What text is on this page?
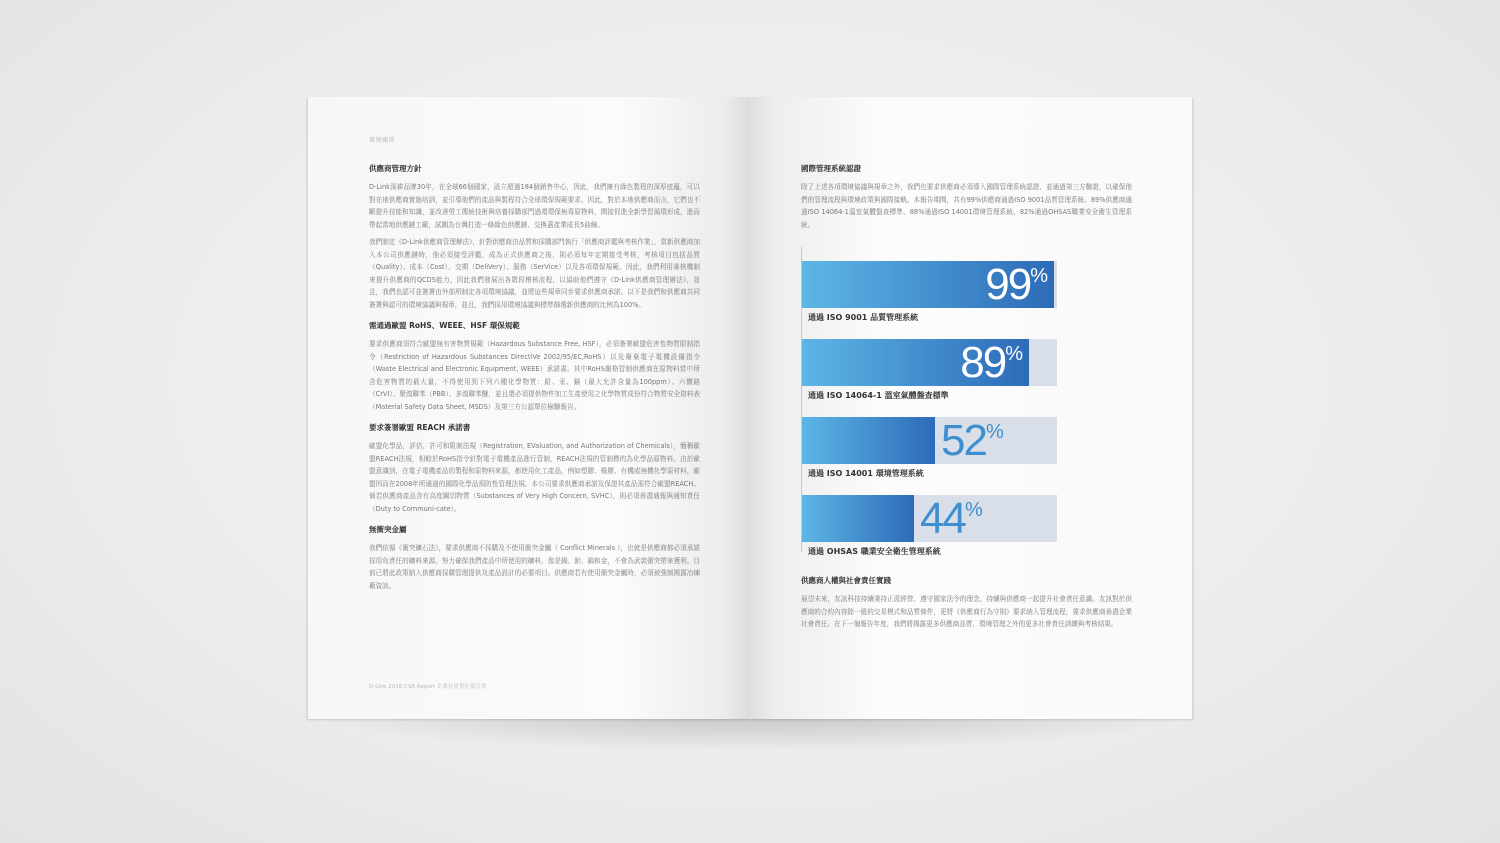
環境關係
供應商管理方針

D-Link深耕品牌30年，在全球66個國家，設立超過184個銷售中心，因此，我們擁有綠色製程的深厚底蘊，可以對在地供應商實施培訓，並引導他們的產品與製程符合全球環保規範要求。因此，對於本地供應商而言，它們也不斷提升技能和知識，並改善勞工傳統技術與培養採購部門過還環保無毒原物料，間接促進全新學習循環形成，進而帶起當地供應鏈工廠，試圖為台灣打造一條綠色供應鏈、交換蓋產業成長5曲線。

我們制定《D-Link供應商管理辦法》，針對供應商由品質和採購部門執行「供應商評鑑與考核作業」，當新供應商加入本公司供應鏈時，他必須接受評鑑，成為正式供應商之後，則必須每年定期接受考核，考核項目包括品質（Quality）、成本（Cost）、交期（DeliVery）、服務（SerVice）以及各項環保規範。因此，我們利用審核機制來提升供應商的QCDS能力，因此我們發展出各階段稽核流程，以協助他們遵守《D-Link供應商管理辦法》，並且，我們也認可並簽署由外部所制定各項環境協議，並將這些規章同步要求供應商承諾。以下是我們和供應商共同簽署與認可的環境協議與規章，並且，我們採用環境協議與標準篩選新供應商的比例為100%。

需通過歐盟 RoHS、WEEE、HSF 環保規範

要求供應商須符合歐盟無有害物質規範（Hazardous Substance Free, HSF），必須簽署歐盟危害性物質限制指令（Restriction of Hazardous Substances DirectiVe 2002/95/EC,RoHS）以及廢棄電子電機設備指令（Waste Electrical and Electronic Equipment, WEEE）承諾書。其中RoHS嚴格管制供應商在原物料當中所含危害物質的最大量，不得使用到下列六種化學物質：鉛、汞、鎘（最大允許含量為100ppm）、六價鉻（CrVI）、聚溴聯苯（PBB）、多溴聯苯醚，並且還必須提供物件加工生產使用之化學物質成份符合物質安全資料表（Material Safety Data Sheet, MSDS）及第三方公認單位檢驗報告。

要求簽署歐盟 REACH 承諾書

歐盟化學品，評估，許可和限制法規（Registration, EValuation, and Authorization of Chemicals），簡稱歐盟REACH法規，相較於RoHS指令針對電子電機產品進行管制，REACH法規的管制標的為化學品原物料。由於歐盟意識到，在電子電機產品的製程和原物料來源，都使用化工產品，例如塑膠、橡膠、有機或無機化學原材料，歐盟因而在2008年所通過的國際化學品預防性管理法規。本公司要求供應商承諾及保證其產品需符合歐盟REACH。倘若供應商產品含有高度關切物質（Substances of Very High Concern, SVHC），則必須善盡通報與通知責任（Duty to Communi-cate）。

無衝突金屬

我們依循《衝突礦石法》，要求供應商不採購及不使用衝突金屬（ Conflict Minerals ），也就是供應商都必須承諾採用負責任的礦料來源，努力確保我們產品中所使用的礦料，像是錫、鉭、鎢和金，不會為武裝衝突帶來獲利。目前已將此政策納入供應商採購管理提供及產品設計的必要項目。供應商若有使用衝突金屬時，必須被強制揭露冶煉廠資訊。

D-Link 2016 CSR Report 企業社會責任報告書
國際管理系統認證

除了上述各項環境協議與規章之外，我們也要求供應商必須導入國際管理系統認證，並通過第三方驗證，以確保他們的管理流程與環境政策與國際接軌。本報告期間，共有99%供應商通過ISO 9001品質管理系統、89%供應商通過ISO 14064-1溫室氣體盤查標準、88%通過ISO 14001環境管理系統、82%通過OHSAS職業安全衛生管理系統。

供應商人權與社會責任實踐

展望未來，友訊科技持續秉持正派經營、遵守國家法令的理念，持續與供應商一起提升社會責任意識。友訊對於供應商的合約內容除一般的交易模式和品質條件，更將《供應商行為守則》要求納入管理流程，要求供應商善盡企業社會責任。在下一個報告年度，我們將揭露更多供應商品質、環境管理之外的更多社會責任訓練與考核結果。

99%
通過 ISO 9001 品質管理系統
89%
通過 ISO 14064-1 溫室氣體盤查標準
52%
通過 ISO 14001 環境管理系統
44%
通過 OHSAS 職業安全衛生管理系統
